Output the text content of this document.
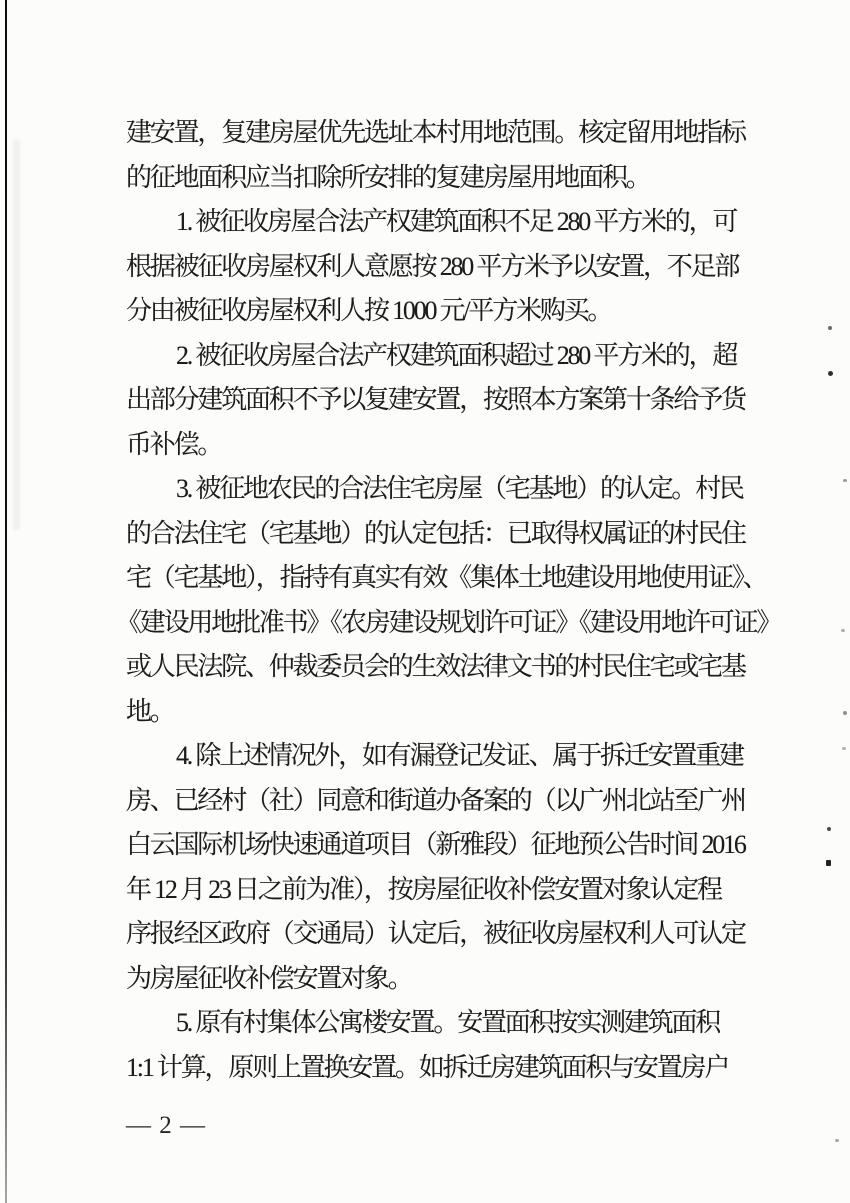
建安置，复建房屋优先选址本村用地范围。核定留用地指标
的征地面积应当扣除所安排的复建房屋用地面积。
1. 被征收房屋合法产权建筑面积不足 280 平方米的，可
根据被征收房屋权利人意愿按 280 平方米予以安置，不足部
分由被征收房屋权利人按 1000 元/平方米购买。
2. 被征收房屋合法产权建筑面积超过 280 平方米的，超
出部分建筑面积不予以复建安置，按照本方案第十条给予货
币补偿。
3. 被征地农民的合法住宅房屋（宅基地）的认定。村民
的合法住宅（宅基地）的认定包括：已取得权属证的村民住
宅（宅基地），指持有真实有效《集体土地建设用地使用证》、
《建设用地批准书》《农房建设规划许可证》《建设用地许可证》
或人民法院、仲裁委员会的生效法律文书的村民住宅或宅基
地。
4. 除上述情况外，如有漏登记发证、属于拆迁安置重建
房、已经村（社）同意和街道办备案的（以广州北站至广州
白云国际机场快速通道项目（新雅段）征地预公告时间 2016
年 12 月 23 日之前为准），按房屋征收补偿安置对象认定程
序报经区政府（交通局）认定后，被征收房屋权利人可认定
为房屋征收补偿安置对象。
5. 原有村集体公寓楼安置。安置面积按实测建筑面积
1:1 计算，原则上置换安置。如拆迁房建筑面积与安置房户
— 2 —
